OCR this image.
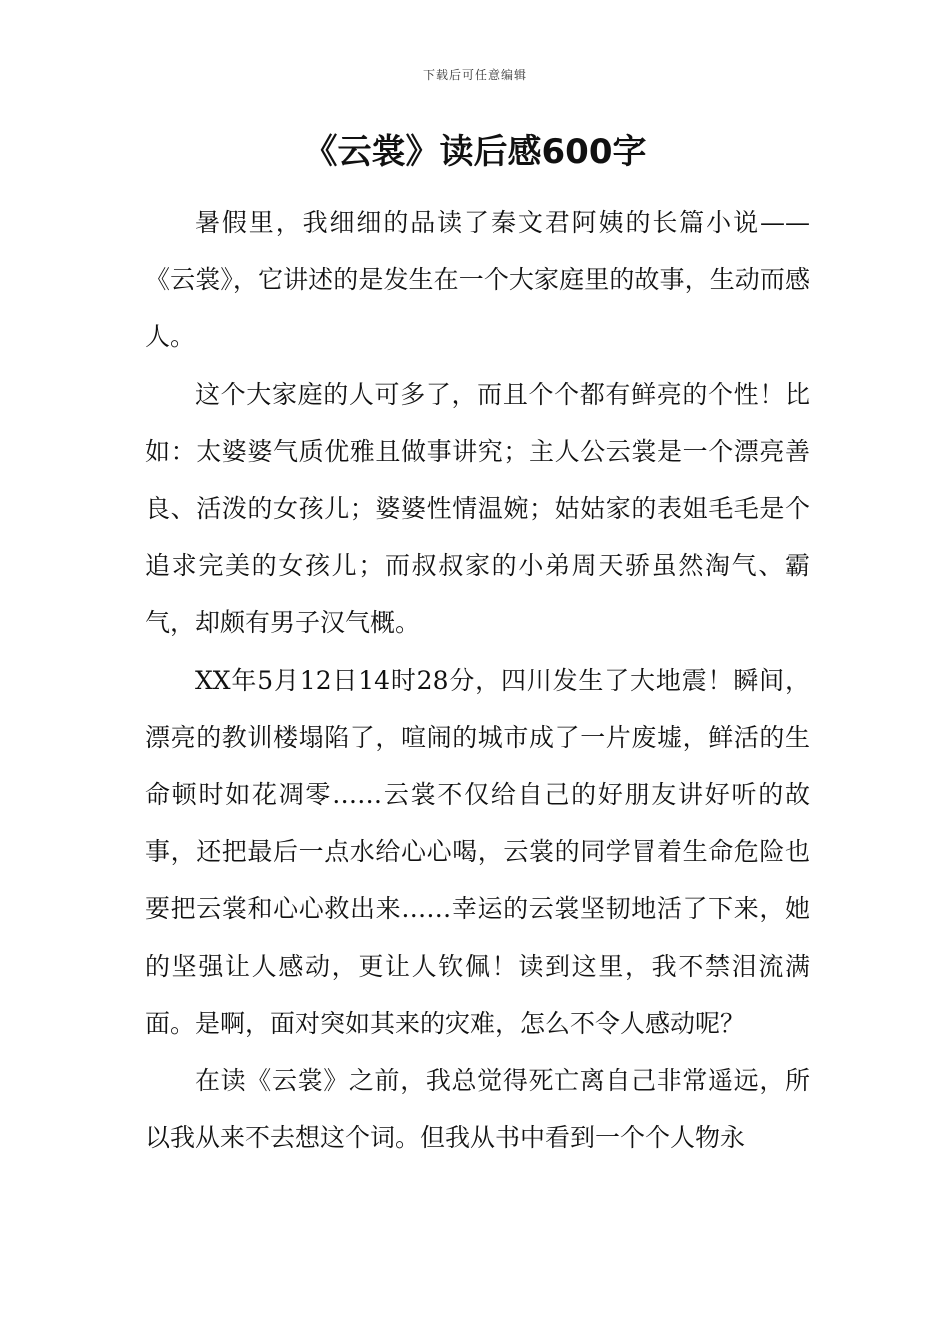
下载后可任意编辑
《云裳》读后感600字

暑假里，我细细的品读了秦文君阿姨的长篇小说——《云裳》，它讲述的是发生在一个大家庭里的故事，生动而感人。

这个大家庭的人可多了，而且个个都有鲜亮的个性！比如：太婆婆气质优雅且做事讲究；主人公云裳是一个漂亮善良、活泼的女孩儿；婆婆性情温婉；姑姑家的表姐毛毛是个追求完美的女孩儿；而叔叔家的小弟周天骄虽然淘气、霸气，却颇有男子汉气概。

XX年5月12日14时28分，四川发生了大地震！瞬间，漂亮的教训楼塌陷了，喧闹的城市成了一片废墟，鲜活的生命顿时如花凋零……云裳不仅给自己的好朋友讲好听的故事，还把最后一点水给心心喝，云裳的同学冒着生命危险也要把云裳和心心救出来……幸运的云裳坚韧地活了下来，她的坚强让人感动，更让人钦佩！读到这里，我不禁泪流满面。是啊，面对突如其来的灾难，怎么不令人感动呢？

在读《云裳》之前，我总觉得死亡离自己非常遥远，所以我从来不去想这个词。但我从书中看到一个个人物永
